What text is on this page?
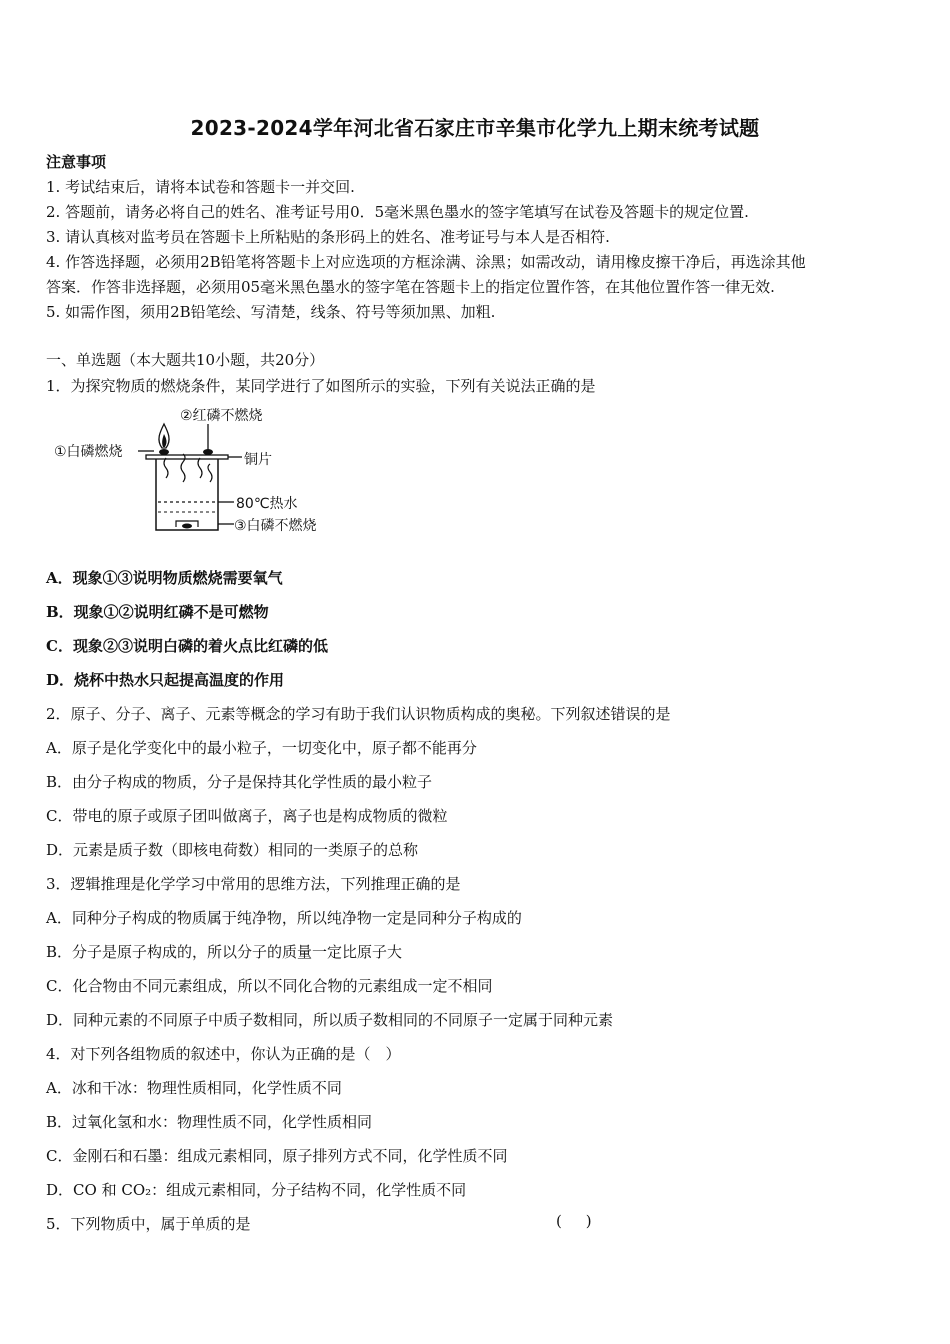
2023-2024学年河北省石家庄市辛集市化学九上期末统考试题
注意事项
1. 考试结束后，请将本试卷和答题卡一并交回.
2. 答题前，请务必将自己的姓名、准考证号用0．5毫米黑色墨水的签字笔填写在试卷及答题卡的规定位置.
3. 请认真核对监考员在答题卡上所粘贴的条形码上的姓名、准考证号与本人是否相符.
4. 作答选择题，必须用2B铅笔将答题卡上对应选项的方框涂满、涂黑；如需改动，请用橡皮擦干净后，再选涂其他
答案．作答非选择题，必须用05毫米黑色墨水的签字笔在答题卡上的指定位置作答，在其他位置作答一律无效.
5. 如需作图，须用2B铅笔绘、写清楚，线条、符号等须加黑、加粗.
一、单选题（本大题共10小题，共20分）
1．为探究物质的燃烧条件，某同学进行了如图所示的实验，下列有关说法正确的是
②红磷不燃烧
①白磷燃烧	铜片
80℃热水
③白磷不燃烧
A．现象①③说明物质燃烧需要氧气
B．现象①②说明红磷不是可燃物
C．现象②③说明白磷的着火点比红磷的低
D．烧杯中热水只起提高温度的作用
2．原子、分子、离子、元素等概念的学习有助于我们认识物质构成的奥秘。下列叙述错误的是
A．原子是化学变化中的最小粒子，一切变化中，原子都不能再分
B．由分子构成的物质，分子是保持其化学性质的最小粒子
C．带电的原子或原子团叫做离子，离子也是构成物质的微粒
D．元素是质子数（即核电荷数）相同的一类原子的总称
3．逻辑推理是化学学习中常用的思维方法，下列推理正确的是
A．同种分子构成的物质属于纯净物，所以纯净物一定是同种分子构成的
B．分子是原子构成的，所以分子的质量一定比原子大
C．化合物由不同元素组成，所以不同化合物的元素组成一定不相同
D．同种元素的不同原子中质子数相同，所以质子数相同的不同原子一定属于同种元素
4．对下列各组物质的叙述中，你认为正确的是（　）
A．冰和干冰：物理性质相同，化学性质不同
B．过氧化氢和水：物理性质不同，化学性质相同
C．金刚石和石墨：组成元素相同，原子排列方式不同，化学性质不同
D．CO 和 CO₂：组成元素相同，分子结构不同，化学性质不同
5．下列物质中，属于单质的是	(     )
